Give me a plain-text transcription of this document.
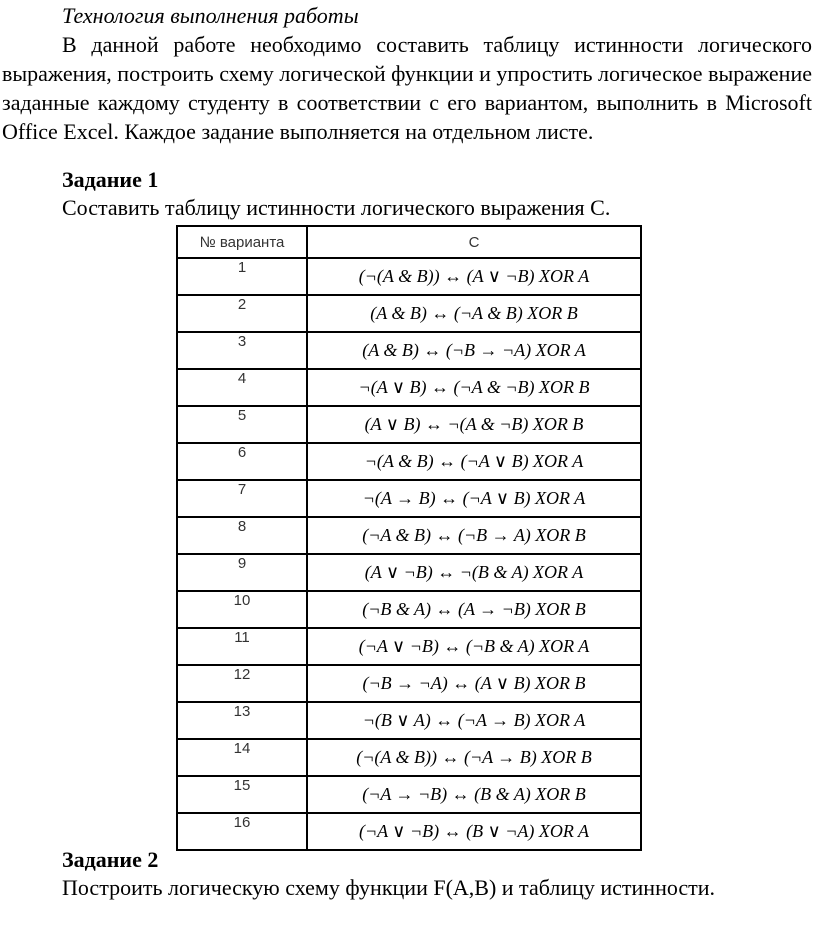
Технология выполнения работы

В данной работе необходимо составить таблицу истинности логического выражения, построить схему логической функции и упростить логическое выражение заданные каждому студенту в соответствии с его вариантом, выполнить в Microsoft Office Excel. Каждое задание выполняется на отдельном листе.

Задание 1
Составить таблицу истинности логического выражения С.
№ варианта	C
1	(¬(A & B)) ↔ (A ∨ ¬B) XOR A
2	(A & B) ↔ (¬A & B) XOR B
3	(A & B) ↔ (¬B → ¬A) XOR A
4	¬(A ∨ B) ↔ (¬A & ¬B) XOR B
5	(A ∨ B) ↔ ¬(A & ¬B) XOR B
6	¬(A & B) ↔ (¬A ∨ B) XOR A
7	¬(A → B) ↔ (¬A ∨ B) XOR A
8	(¬A & B) ↔ (¬B → A) XOR B
9	(A ∨ ¬B) ↔ ¬(B & A) XOR A
10	(¬B & A) ↔ (A → ¬B) XOR B
11	(¬A ∨ ¬B) ↔ (¬B & A) XOR A
12	(¬B → ¬A) ↔ (A ∨ B) XOR B
13	¬(B ∨ A) ↔ (¬A → B) XOR A
14	(¬(A & B)) ↔ (¬A → B) XOR B
15	(¬A → ¬B) ↔ (B & A) XOR B
16	(¬A ∨ ¬B) ↔ (B ∨ ¬A) XOR A
Задание 2
Построить логическую схему функции F(A,B) и таблицу истинности.
